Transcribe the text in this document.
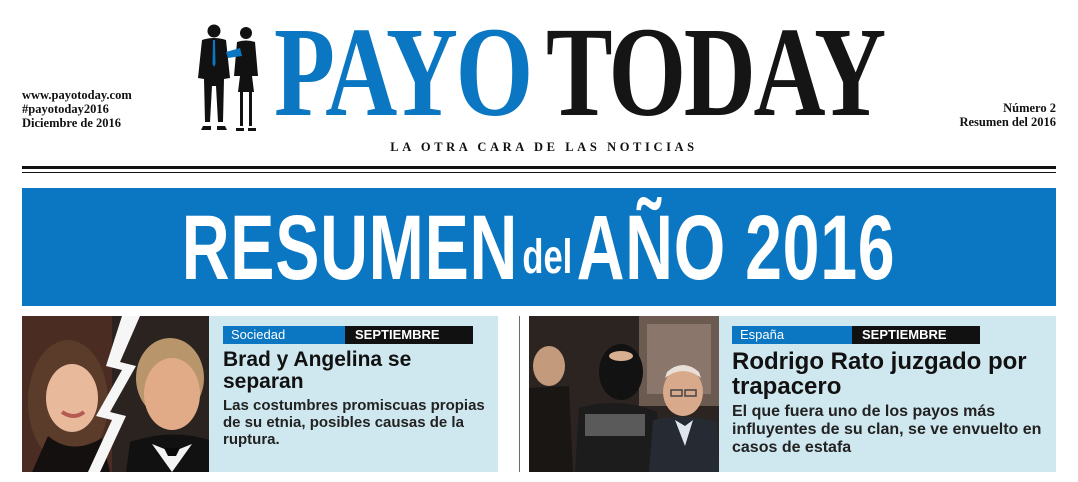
www.payotoday.com
#payotoday2016
Diciembre de 2016 PAYO TODAY	Número 2
Resumen del 2016
LA OTRA CARA DE LAS NOTICIAS
RESUMENdelAÑO 2016
Sociedad	SEPTIEMBRE
Brad y Angelina se separan
Las costumbres promiscuas propias de su etnia, posibles causas de la ruptura.
España	SEPTIEMBRE
Rodrigo Rato juzgado por trapacero
El que fuera uno de los payos más influyentes de su clan, se ve envuelto en casos de estafa
